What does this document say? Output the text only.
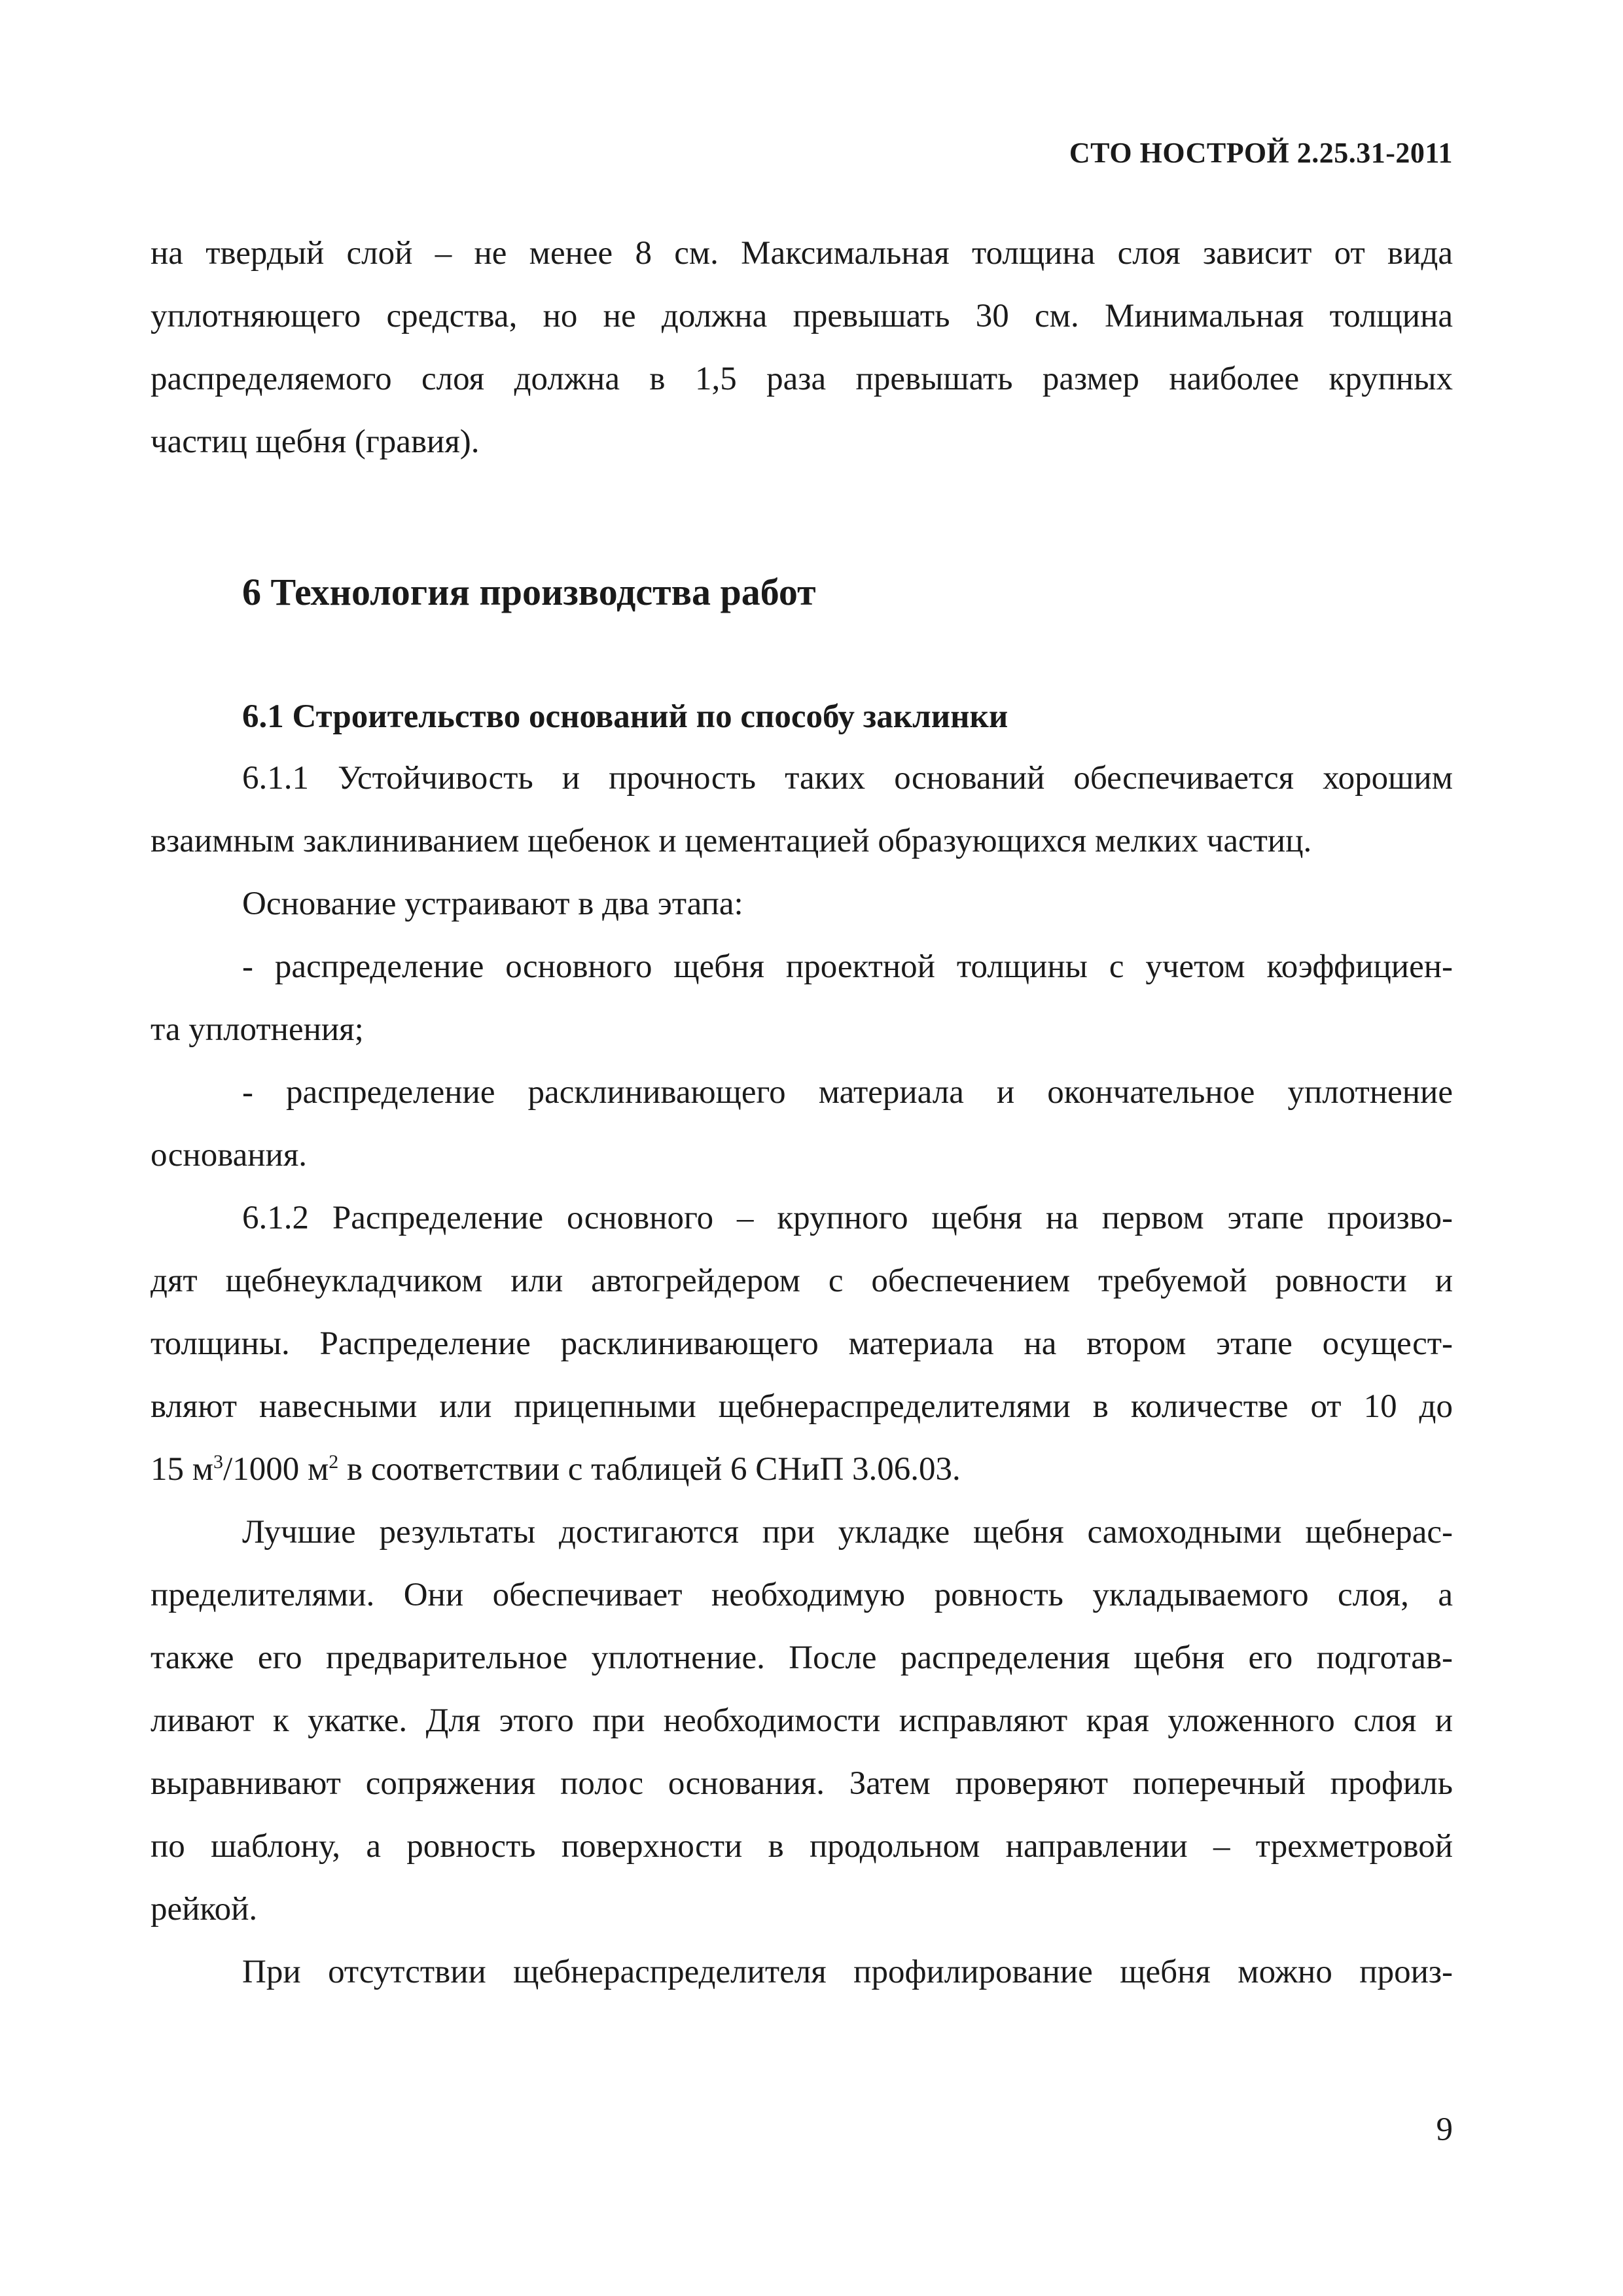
СТО НОСТРОЙ 2.25.31-2011
на твердый слой – не менее 8 см. Максимальная толщина слоя зависит от вида
уплотняющего средства, но не должна превышать 30 см. Минимальная толщина
распределяемого слоя должна в 1,5 раза превышать размер наиболее крупных
частиц щебня (гравия).
6 Технология производства работ
6.1 Строительство оснований по способу заклинки
6.1.1 Устойчивость и прочность таких оснований обеспечивается хорошим
взаимным заклиниванием щебенок и цементацией образующихся мелких частиц.
Основание устраивают в два этапа:
- распределение основного щебня проектной толщины с учетом коэффициен-
та уплотнения;
- распределение расклинивающего материала и окончательное уплотнение
основания.
6.1.2 Распределение основного – крупного щебня на первом этапе произво-
дят щебнеукладчиком или автогрейдером с обеспечением требуемой ровности и
толщины. Распределение расклинивающего материала на втором этапе осущест-
вляют навесными или прицепными щебнераспределителями в количестве от 10 до
15 $м^3/1000$ $м^2$ в соответствии с таблицей 6 СНиП 3.06.03.
Лучшие результаты достигаются при укладке щебня самоходными щебнерас-
пределителями. Они обеспечивает необходимую ровность укладываемого слоя, а
также его предварительное уплотнение. После распределения щебня его подготав-
ливают к укатке. Для этого при необходимости исправляют края уложенного слоя и
выравнивают сопряжения полос основания. Затем проверяют поперечный профиль
по шаблону, а ровность поверхности в продольном направлении – трехметровой
рейкой.
При отсутствии щебнераспределителя профилирование щебня можно произ-
9
